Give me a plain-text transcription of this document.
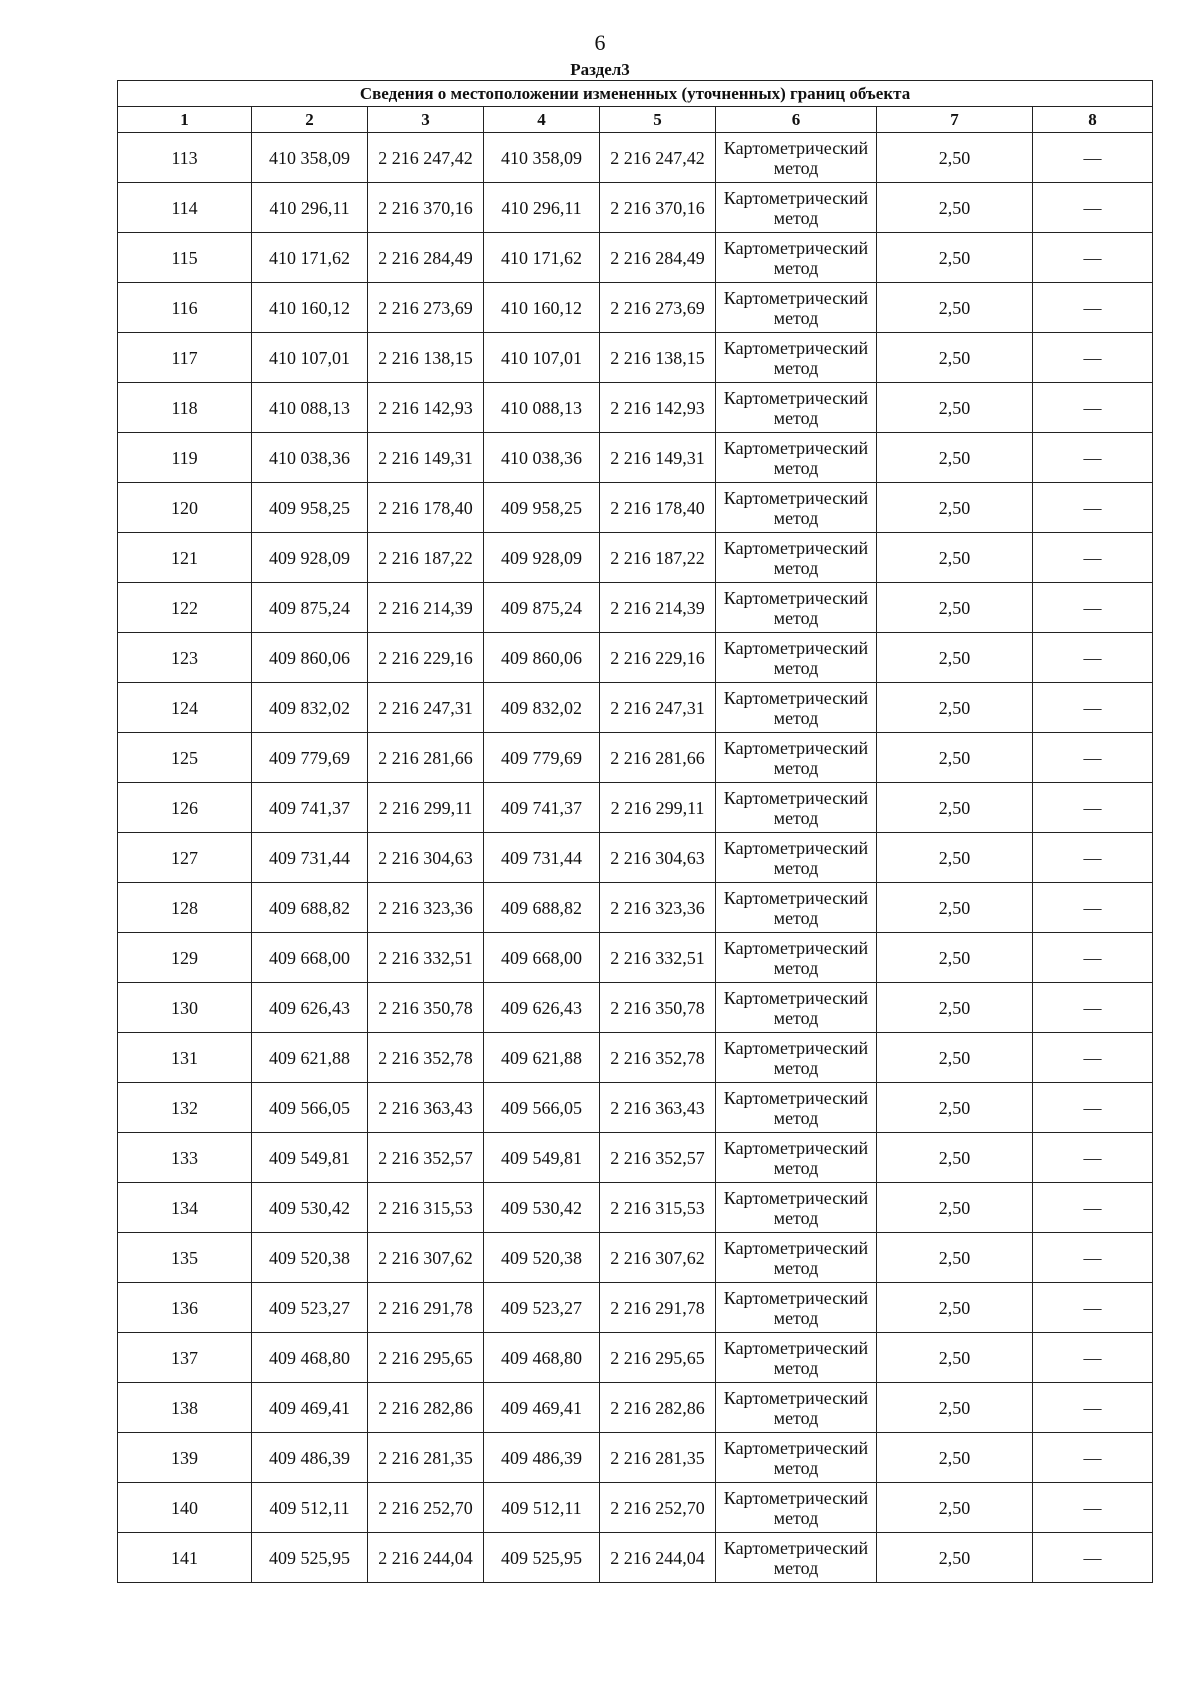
6
Раздел3
Сведения о местоположении измененных (уточненных) границ объекта							
1	2	3	4	5	6	7	8
113	410 358,09	2 216 247,42	410 358,09	2 216 247,42	Картометрический метод	2,50	—
114	410 296,11	2 216 370,16	410 296,11	2 216 370,16	Картометрический метод	2,50	—
115	410 171,62	2 216 284,49	410 171,62	2 216 284,49	Картометрический метод	2,50	—
116	410 160,12	2 216 273,69	410 160,12	2 216 273,69	Картометрический метод	2,50	—
117	410 107,01	2 216 138,15	410 107,01	2 216 138,15	Картометрический метод	2,50	—
118	410 088,13	2 216 142,93	410 088,13	2 216 142,93	Картометрический метод	2,50	—
119	410 038,36	2 216 149,31	410 038,36	2 216 149,31	Картометрический метод	2,50	—
120	409 958,25	2 216 178,40	409 958,25	2 216 178,40	Картометрический метод	2,50	—
121	409 928,09	2 216 187,22	409 928,09	2 216 187,22	Картометрический метод	2,50	—
122	409 875,24	2 216 214,39	409 875,24	2 216 214,39	Картометрический метод	2,50	—
123	409 860,06	2 216 229,16	409 860,06	2 216 229,16	Картометрический метод	2,50	—
124	409 832,02	2 216 247,31	409 832,02	2 216 247,31	Картометрический метод	2,50	—
125	409 779,69	2 216 281,66	409 779,69	2 216 281,66	Картометрический метод	2,50	—
126	409 741,37	2 216 299,11	409 741,37	2 216 299,11	Картометрический метод	2,50	—
127	409 731,44	2 216 304,63	409 731,44	2 216 304,63	Картометрический метод	2,50	—
128	409 688,82	2 216 323,36	409 688,82	2 216 323,36	Картометрический метод	2,50	—
129	409 668,00	2 216 332,51	409 668,00	2 216 332,51	Картометрический метод	2,50	—
130	409 626,43	2 216 350,78	409 626,43	2 216 350,78	Картометрический метод	2,50	—
131	409 621,88	2 216 352,78	409 621,88	2 216 352,78	Картометрический метод	2,50	—
132	409 566,05	2 216 363,43	409 566,05	2 216 363,43	Картометрический метод	2,50	—
133	409 549,81	2 216 352,57	409 549,81	2 216 352,57	Картометрический метод	2,50	—
134	409 530,42	2 216 315,53	409 530,42	2 216 315,53	Картометрический метод	2,50	—
135	409 520,38	2 216 307,62	409 520,38	2 216 307,62	Картометрический метод	2,50	—
136	409 523,27	2 216 291,78	409 523,27	2 216 291,78	Картометрический метод	2,50	—
137	409 468,80	2 216 295,65	409 468,80	2 216 295,65	Картометрический метод	2,50	—
138	409 469,41	2 216 282,86	409 469,41	2 216 282,86	Картометрический метод	2,50	—
139	409 486,39	2 216 281,35	409 486,39	2 216 281,35	Картометрический метод	2,50	—
140	409 512,11	2 216 252,70	409 512,11	2 216 252,70	Картометрический метод	2,50	—
141	409 525,95	2 216 244,04	409 525,95	2 216 244,04	Картометрический метод	2,50	—
